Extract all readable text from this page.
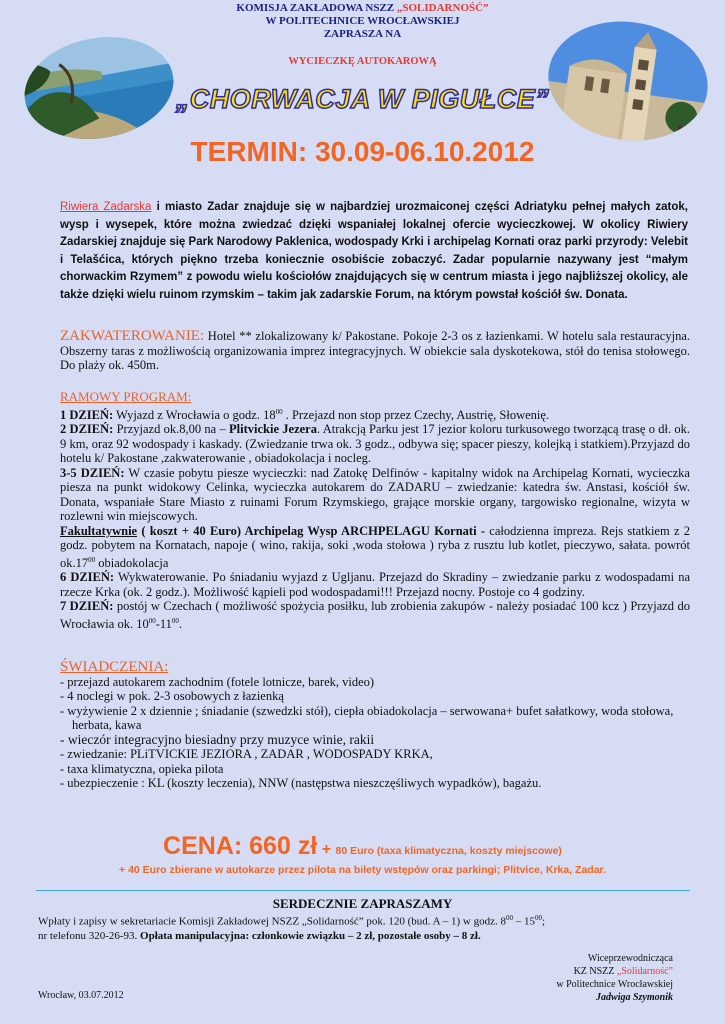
KOMISJA ZAKŁADOWA NSZZ „SOLIDARNOŚĆ”
W POLITECHNICE WROCŁAWSKIEJ
ZAPRASZA NA
WYCIECZKĘ AUTOKAROWĄ
„CHORWACJA W PIGUŁCE”
TERMIN: 30.09-06.10.2012
Riwiera Zadarska i miasto Zadar znajduje się w najbardziej urozmaiconej części Adriatyku pełnej małych zatok, wysp i wysepek, które można zwiedzać dzięki wspaniałej lokalnej ofercie wycieczkowej. W okolicy Riwiery Zadarskiej znajduje się Park Narodowy Paklenica, wodospady Krki i archipelag Kornati oraz parki przyrody: Velebit i Telašćica, których piękno trzeba koniecznie osobiście zobaczyć. Zadar popularnie nazywany jest “małym chorwackim Rzymem” z powodu wielu kościołów znajdujących się w centrum miasta i jego najbliższej okolicy, ale także dzięki wielu ruinom rzymskim – takim jak zadarskie Forum, na którym powstał kościół św. Donata.
ZAKWATEROWANIE: Hotel ** zlokalizowany k/ Pakostane. Pokoje 2-3 os z łazienkami. W hotelu sala restauracyjna. Obszerny taras z możliwością organizowania imprez integracyjnych. W obiekcie sala dyskotekowa, stół do tenisa stołowego. Do plaży ok. 450m.
RAMOWY PROGRAM:
1 DZIEŃ: Wyjazd z Wrocławia o godz. $18^{00}$ . Przejazd non stop przez Czechy, Austrię, Słowenię.
2 DZIEŃ: Przyjazd ok.8,00 na – Plitvickie Jezera. Atrakcją Parku jest 17 jezior koloru turkusowego tworzącą trasę o dł. ok. 9 km, oraz 92 wodospady i kaskady. (Zwiedzanie trwa ok. 3 godz., odbywa się; spacer pieszy, kolejką i statkiem).Przyjazd do hotelu k/ Pakostane ,zakwaterowanie , obiadokolacja i nocleg.
3-5 DZIEŃ: W czasie pobytu piesze wycieczki: nad Zatokę Delfinów - kapitalny widok na Archipelag Kornati, wycieczka piesza na punkt widokowy Celinka, wycieczka autokarem do ZADARU – zwiedzanie: katedra św. Anstasi, kościół św. Donata, wspaniałe Stare Miasto z ruinami Forum Rzymskiego, grające morskie organy, targowisko regionalne, wizyta w rozlewni win miejscowych.
Fakultatywnie ( koszt + 40 Euro) Archipelag Wysp ARCHPELAGU Kornati - całodzienna impreza. Rejs statkiem z 2 godz. pobytem na Kornatach, napoje ( wino, rakija, soki ,woda stołowa ) ryba z rusztu lub kotlet, pieczywo, sałata. powrót $ok.17^{00}$ obiadokolacja
6 DZIEŃ: Wykwaterowanie. Po śniadaniu wyjazd z Ugljanu. Przejazd do Skradiny – zwiedzanie parku z wodospadami na rzecze Krka (ok. 2 godz.). Możliwość kąpieli pod wodospadami!!! Przejazd nocny. Postoje co 4 godziny.
7 DZIEŃ: postój w Czechach ( możliwość spożycia posiłku, lub zrobienia zakupów - należy posiadać 100 kcz ) Przyjazd do Wrocławia ok. $10^{00}-11^{00}$.
ŚWIADCZENIA:
- przejazd autokarem zachodnim (fotele lotnicze, barek, video)
- 4 noclegi w pok. 2-3 osobowych z łazienką
- wyżywienie 2 x dziennie ; śniadanie (szwedzki stół), ciepła obiadokolacja – serwowana+ bufet sałatkowy, woda stołowa, herbata, kawa
- wieczór integracyjno biesiadny przy muzyce winie, rakii
- zwiedzanie: PLiTVICKIE JEZIORA , ZADAR , WODOSPADY KRKA,
- taxa klimatyczna, opieka pilota
- ubezpieczenie : KL (koszty leczenia), NNW (następstwa nieszczęśliwych wypadków), bagażu.
CENA: 660 zł + 80 Euro (taxa klimatyczna, koszty miejscowe)
+ 40 Euro zbierane w autokarze przez pilota na bilety wstępów oraz parkingi; Plitvice, Krka, Zadar.
SERDECZNIE ZAPRASZAMY
Wpłaty i zapisy w sekretariacie Komisji Zakładowej NSZZ „Solidarność” pok. 120 (bud. A – 1) w godz. $8^{00} - 15^{00}$;
nr telefonu 320-26-93. Opłata manipulacyjna: członkowie związku – 2 zł, pozostałe osoby – 8 zł.
Wiceprzewodnicząca
KZ NSZZ „Solidarność”
w Politechnice Wrocławskiej
Jadwiga Szymonik
Wrocław, 03.07.2012
